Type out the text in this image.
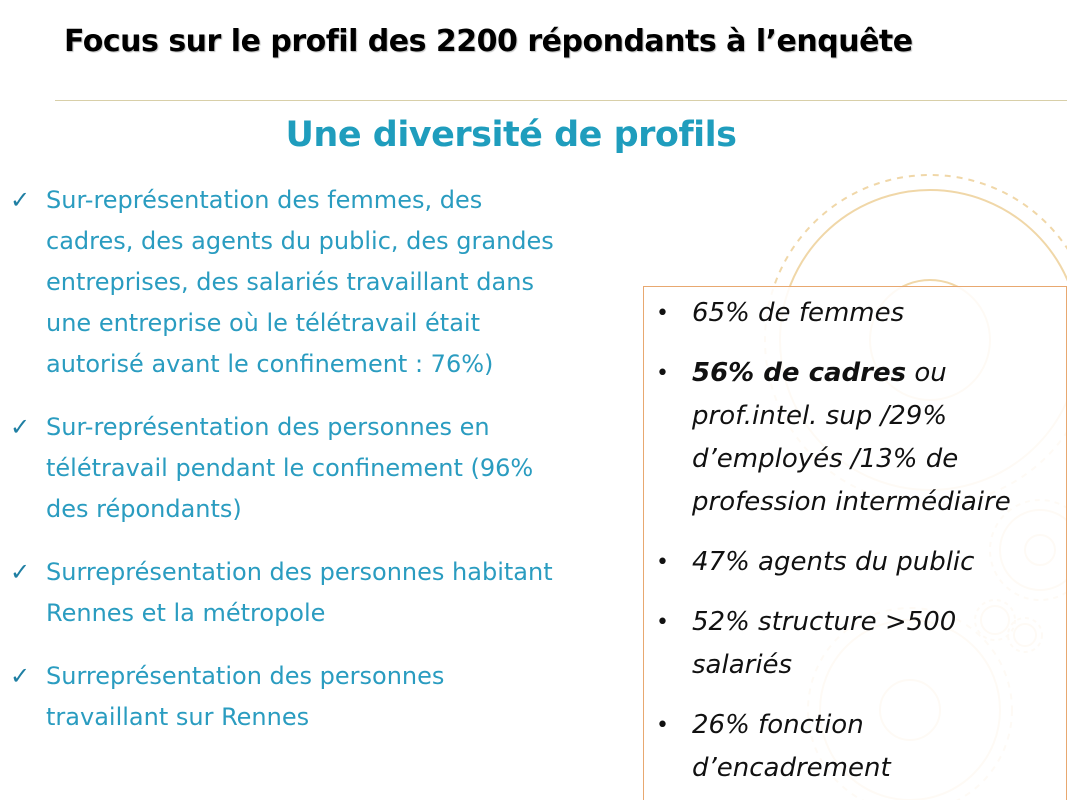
Focus sur le profil des 2200 répondants à l’enquête
Une diversité de profils
✓ Sur-représentation des femmes, des
cadres, des agents du public, des grandes
entreprises, des salariés travaillant dans
une entreprise où le télétravail était
autorisé avant le confinement : 76%)
✓ Sur-représentation des personnes en
télétravail pendant le confinement (96%
des répondants)
✓ Surreprésentation des personnes habitant
Rennes et la métropole
✓ Surreprésentation des personnes
travaillant sur Rennes
• 65% de femmes
• 56% de cadres ou
prof.intel. sup /29%
d’employés /13% de
profession intermédiaire
• 47% agents du public
• 52% structure >500
salariés
• 26% fonction
d’encadrement
